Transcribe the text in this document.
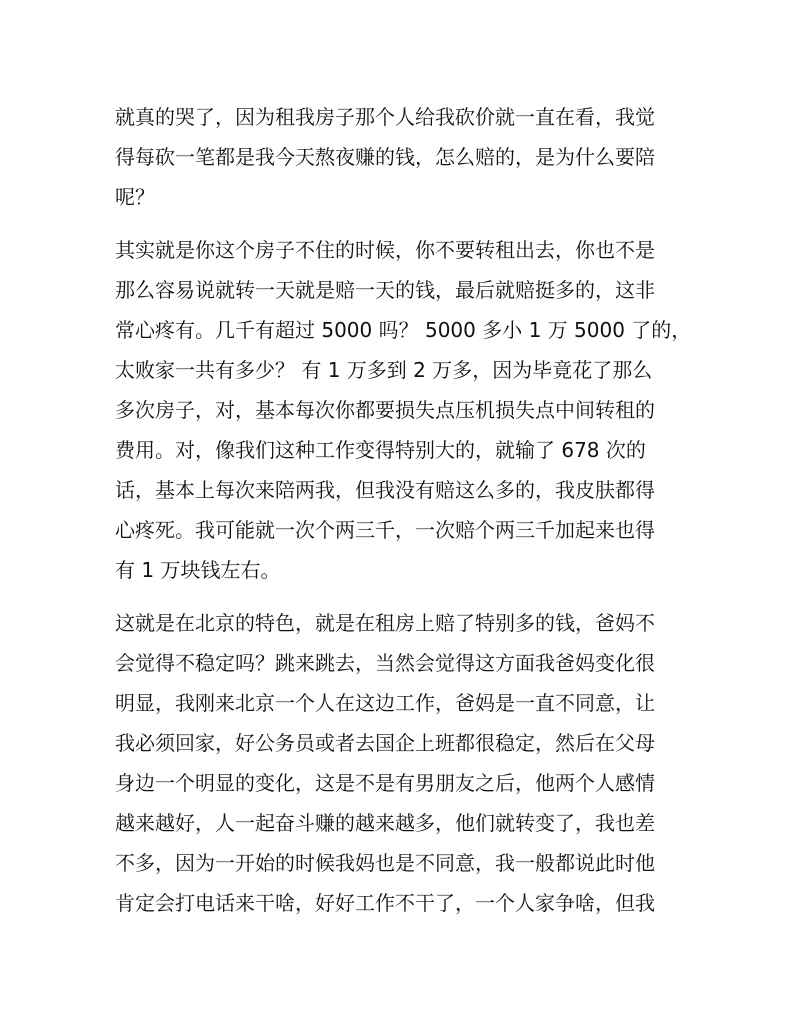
就真的哭了，因为租我房子那个人给我砍价就一直在看，我觉
得每砍一笔都是我今天熬夜赚的钱，怎么赔的，是为什么要陪
呢？

其实就是你这个房子不住的时候，你不要转租出去，你也不是
那么容易说就转一天就是赔一天的钱，最后就赔挺多的，这非
常心疼有。几千有超过 5000 吗？ 5000 多小 1 万 5000 了的，
太败家一共有多少？ 有 1 万多到 2 万多，因为毕竟花了那么
多次房子，对，基本每次你都要损失点压机损失点中间转租的
费用。对，像我们这种工作变得特别大的，就输了 678 次的
话，基本上每次来陪两我，但我没有赔这么多的，我皮肤都得
心疼死。我可能就一次个两三千，一次赔个两三千加起来也得
有 1 万块钱左右。

这就是在北京的特色，就是在租房上赔了特别多的钱，爸妈不
会觉得不稳定吗？跳来跳去，当然会觉得这方面我爸妈变化很
明显，我刚来北京一个人在这边工作，爸妈是一直不同意，让
我必须回家，好公务员或者去国企上班都很稳定，然后在父母
身边一个明显的变化，这是不是有男朋友之后，他两个人感情
越来越好，人一起奋斗赚的越来越多，他们就转变了，我也差
不多，因为一开始的时候我妈也是不同意，我一般都说此时他
肯定会打电话来干啥，好好工作不干了，一个人家争啥，但我
